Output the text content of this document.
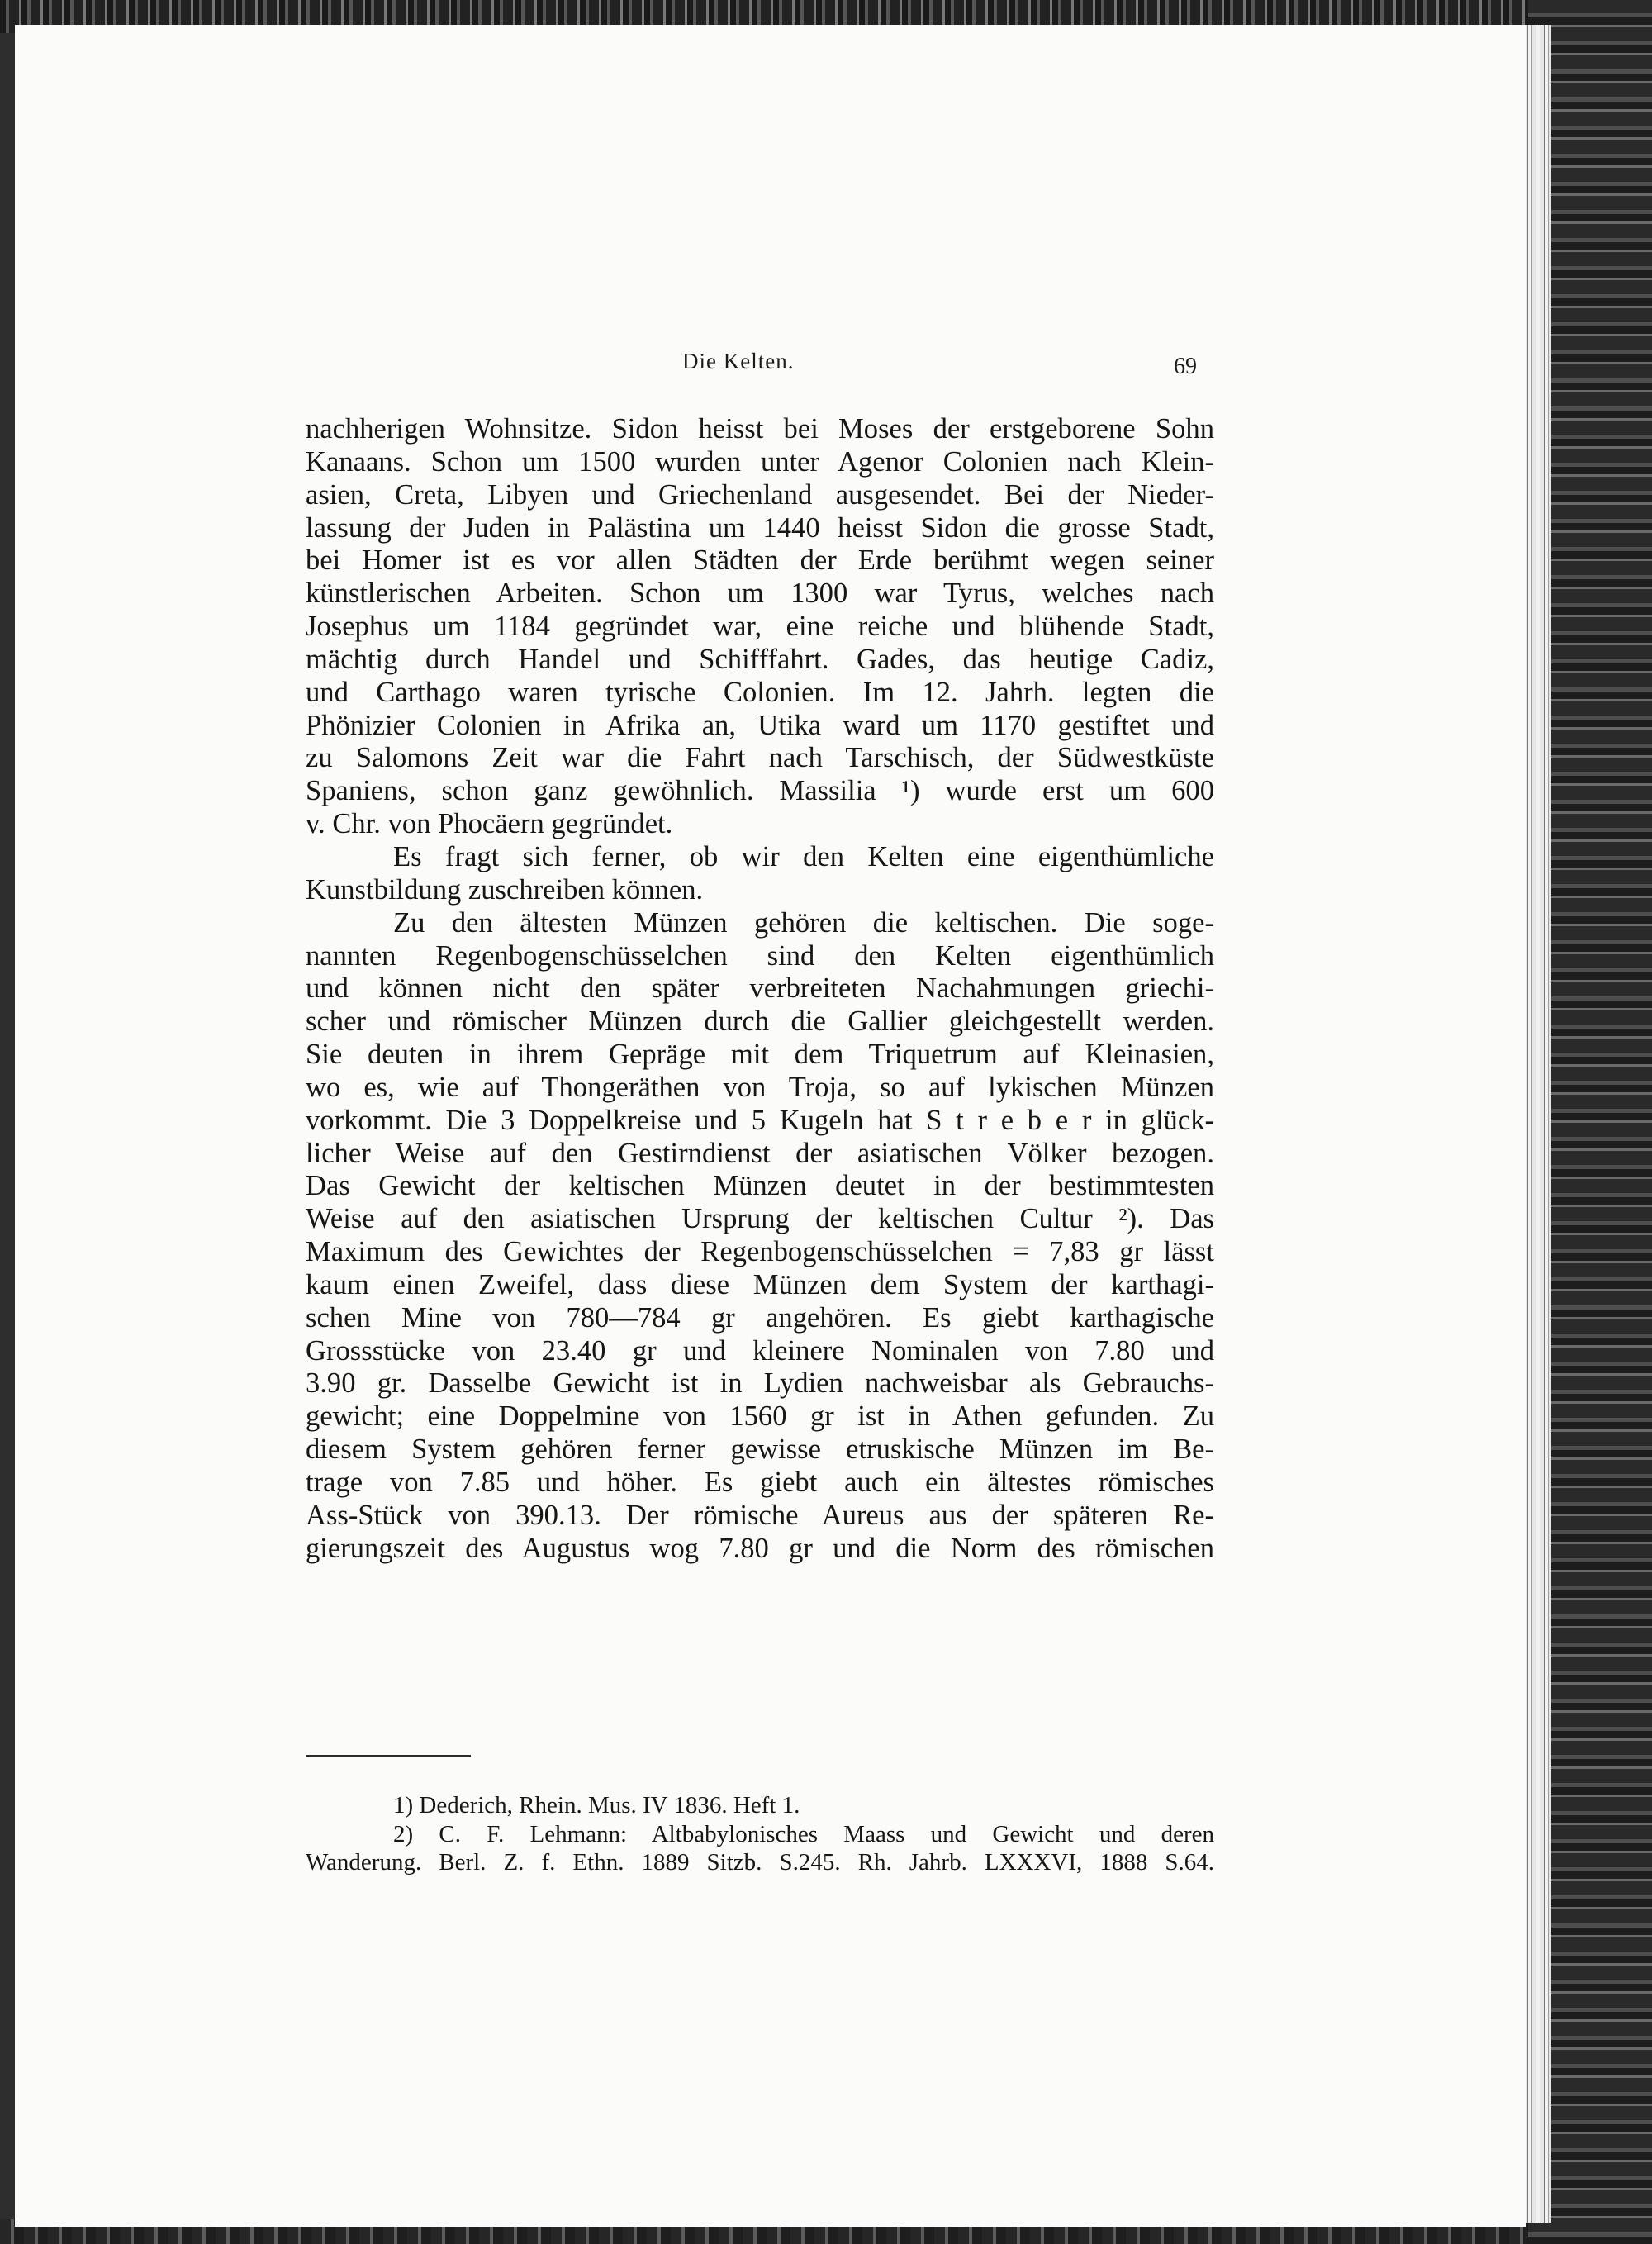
Die Kelten.	69
nachherigen Wohnsitze. Sidon heisst bei Moses der erstgeborene Sohn
Kanaans. Schon um 1500 wurden unter Agenor Colonien nach Klein-
asien, Creta, Libyen und Griechenland ausgesendet. Bei der Nieder-
lassung der Juden in Palästina um 1440 heisst Sidon die grosse Stadt,
bei Homer ist es vor allen Städten der Erde berühmt wegen seiner
künstlerischen Arbeiten. Schon um 1300 war Tyrus, welches nach
Josephus um 1184 gegründet war, eine reiche und blühende Stadt,
mächtig durch Handel und Schifffahrt. Gades, das heutige Cadiz,
und Carthago waren tyrische Colonien. Im 12. Jahrh. legten die
Phönizier Colonien in Afrika an, Utika ward um 1170 gestiftet und
zu Salomons Zeit war die Fahrt nach Tarschisch, der Südwestküste
Spaniens, schon ganz gewöhnlich. Massilia ¹) wurde erst um 600
v. Chr. von Phocäern gegründet.
Es fragt sich ferner, ob wir den Kelten eine eigenthümliche
Kunstbildung zuschreiben können.
Zu den ältesten Münzen gehören die keltischen. Die soge-
nannten Regenbogenschüsselchen sind den Kelten eigenthümlich
und können nicht den später verbreiteten Nachahmungen griechi-
scher und römischer Münzen durch die Gallier gleichgestellt werden.
Sie deuten in ihrem Gepräge mit dem Triquetrum auf Kleinasien,
wo es, wie auf Thongeräthen von Troja, so auf lykischen Münzen
vorkommt. Die 3 Doppelkreise und 5 Kugeln hat S t r e b e r in glück-
licher Weise auf den Gestirndienst der asiatischen Völker bezogen.
Das Gewicht der keltischen Münzen deutet in der bestimmtesten
Weise auf den asiatischen Ursprung der keltischen Cultur ²). Das
Maximum des Gewichtes der Regenbogenschüsselchen = 7,83 gr lässt
kaum einen Zweifel, dass diese Münzen dem System der karthagi-
schen Mine von 780—784 gr angehören. Es giebt karthagische
Grossstücke von 23.40 gr und kleinere Nominalen von 7.80 und
3.90 gr. Dasselbe Gewicht ist in Lydien nachweisbar als Gebrauchs-
gewicht; eine Doppelmine von 1560 gr ist in Athen gefunden. Zu
diesem System gehören ferner gewisse etruskische Münzen im Be-
trage von 7.85 und höher. Es giebt auch ein ältestes römisches
Ass-Stück von 390.13. Der römische Aureus aus der späteren Re-
gierungszeit des Augustus wog 7.80 gr und die Norm des römischen
1) Dederich, Rhein. Mus. IV 1836. Heft 1.
2) C. F. Lehmann: Altbabylonisches Maass und Gewicht und deren
Wanderung. Berl. Z. f. Ethn. 1889 Sitzb. S.245. Rh. Jahrb. LXXXVI, 1888 S.64.
